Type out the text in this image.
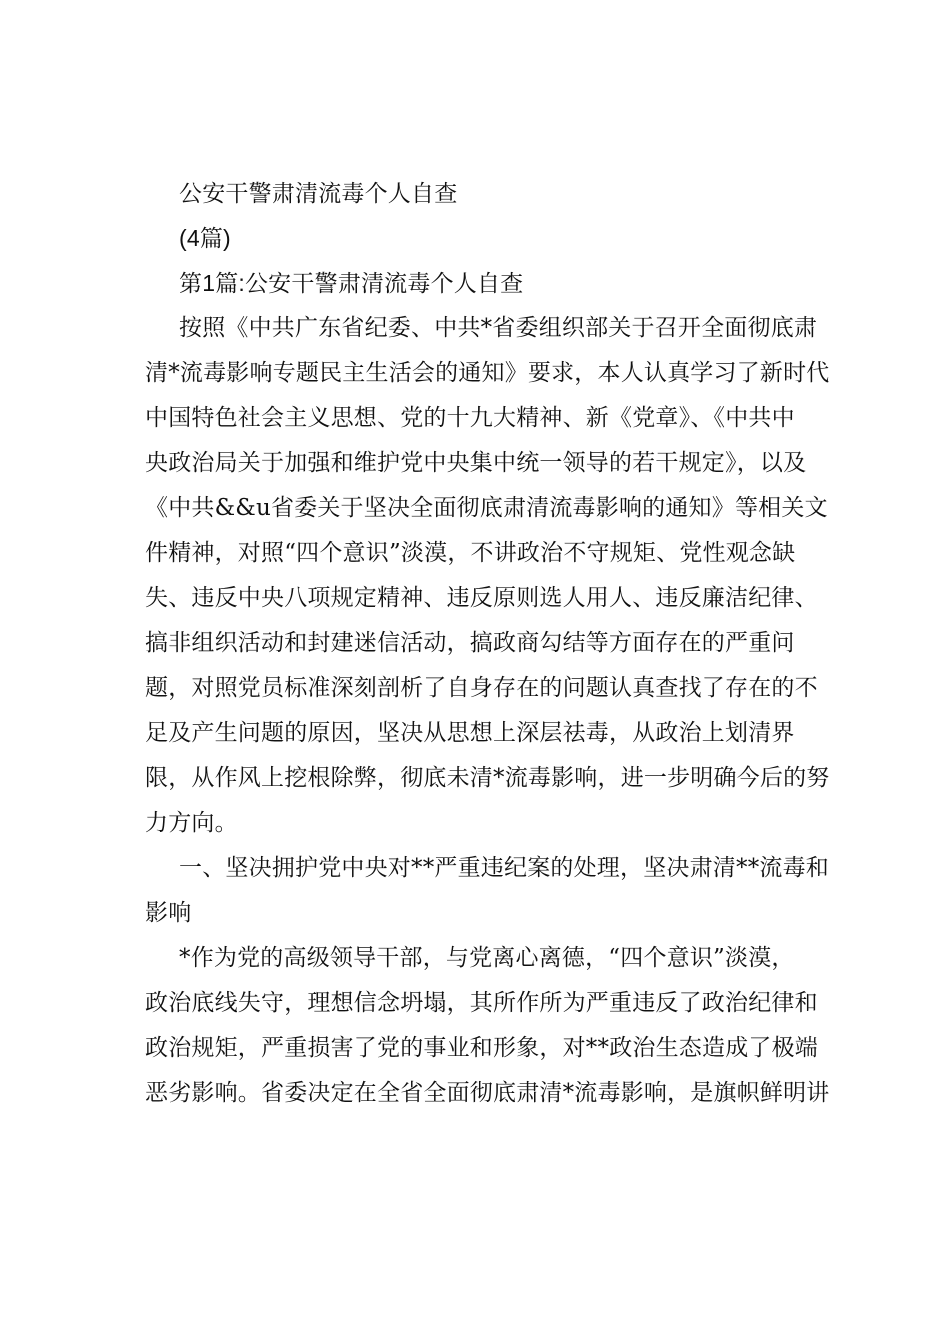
公安干警肃清流毒个人自查
(4篇)
第1篇:公安干警肃清流毒个人自查
按照《中共广东省纪委、中共*省委组织部关于召开全面彻底肃
清*流毒影响专题民主生活会的通知》要求，本人认真学习了新时代
中国特色社会主义思想、党的十九大精神、新《党章》、《中共中
央政治局关于加强和维护党中央集中统一领导的若干规定》，以及
《中共&&u省委关于坚决全面彻底肃清流毒影响的通知》等相关文
件精神，对照“四个意识”淡漠，不讲政治不守规矩、党性观念缺
失、违反中央八项规定精神、违反原则选人用人、违反廉洁纪律、
搞非组织活动和封建迷信活动，搞政商勾结等方面存在的严重问
题，对照党员标准深刻剖析了自身存在的问题认真查找了存在的不
足及产生问题的原因，坚决从思想上深层祛毒，从政治上划清界
限，从作风上挖根除弊，彻底未清*流毒影响，进一步明确今后的努
力方向。
一、坚决拥护党中央对**严重违纪案的处理，坚决肃清**流毒和
影响
*作为党的高级领导干部，与党离心离德，“四个意识”淡漠，
政治底线失守，理想信念坍塌，其所作所为严重违反了政治纪律和
政治规矩，严重损害了党的事业和形象，对**政治生态造成了极端
恶劣影响。省委决定在全省全面彻底肃清*流毒影响，是旗帜鲜明讲
